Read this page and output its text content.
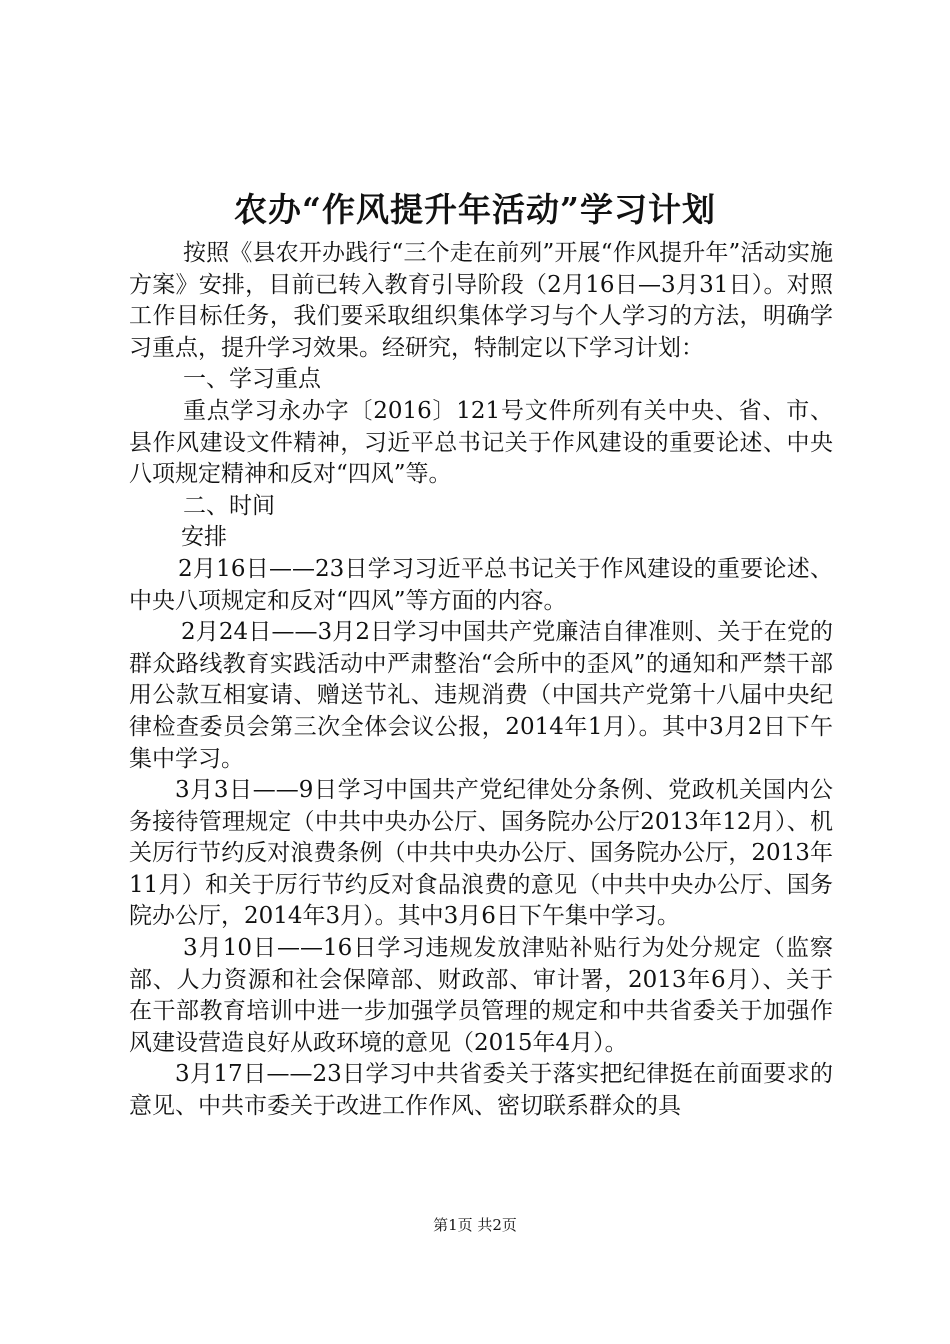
农办“作风提升年活动”学习计划

按照《县农开办践行“三个走在前列”开展“作风提升年”活动实施方案》安排，目前已转入教育引导阶段（2月16日—3月31日）。对照工作目标任务，我们要采取组织集体学习与个人学习的方法，明确学习重点，提升学习效果。经研究，特制定以下学习计划：

一、学习重点

重点学习永办字〔2016〕121号文件所列有关中央、省、市、县作风建设文件精神，习近平总书记关于作风建设的重要论述、中央八项规定精神和反对“四风”等。

二、时间

安排

2月16日——23日学习习近平总书记关于作风建设的重要论述、中央八项规定和反对“四风”等方面的内容。

2月24日——3月2日学习中国共产党廉洁自律准则、关于在党的群众路线教育实践活动中严肃整治“会所中的歪风”的通知和严禁干部用公款互相宴请、赠送节礼、违规消费（中国共产党第十八届中央纪律检查委员会第三次全体会议公报，2014年1月）。其中3月2日下午集中学习。

3月3日——9日学习中国共产党纪律处分条例、党政机关国内公务接待管理规定（中共中央办公厅、国务院办公厅2013年12月）、机关厉行节约反对浪费条例（中共中央办公厅、国务院办公厅，2013年11月）和关于厉行节约反对食品浪费的意见（中共中央办公厅、国务院办公厅，2014年3月）。其中3月6日下午集中学习。

3月10日——16日学习违规发放津贴补贴行为处分规定（监察部、人力资源和社会保障部、财政部、审计署，2013年6月）、关于在干部教育培训中进一步加强学员管理的规定和中共省委关于加强作风建设营造良好从政环境的意见（2015年4月）。

3月17日——23日学习中共省委关于落实把纪律挺在前面要求的意见、中共市委关于改进工作作风、密切联系群众的具

第1页 共2页
